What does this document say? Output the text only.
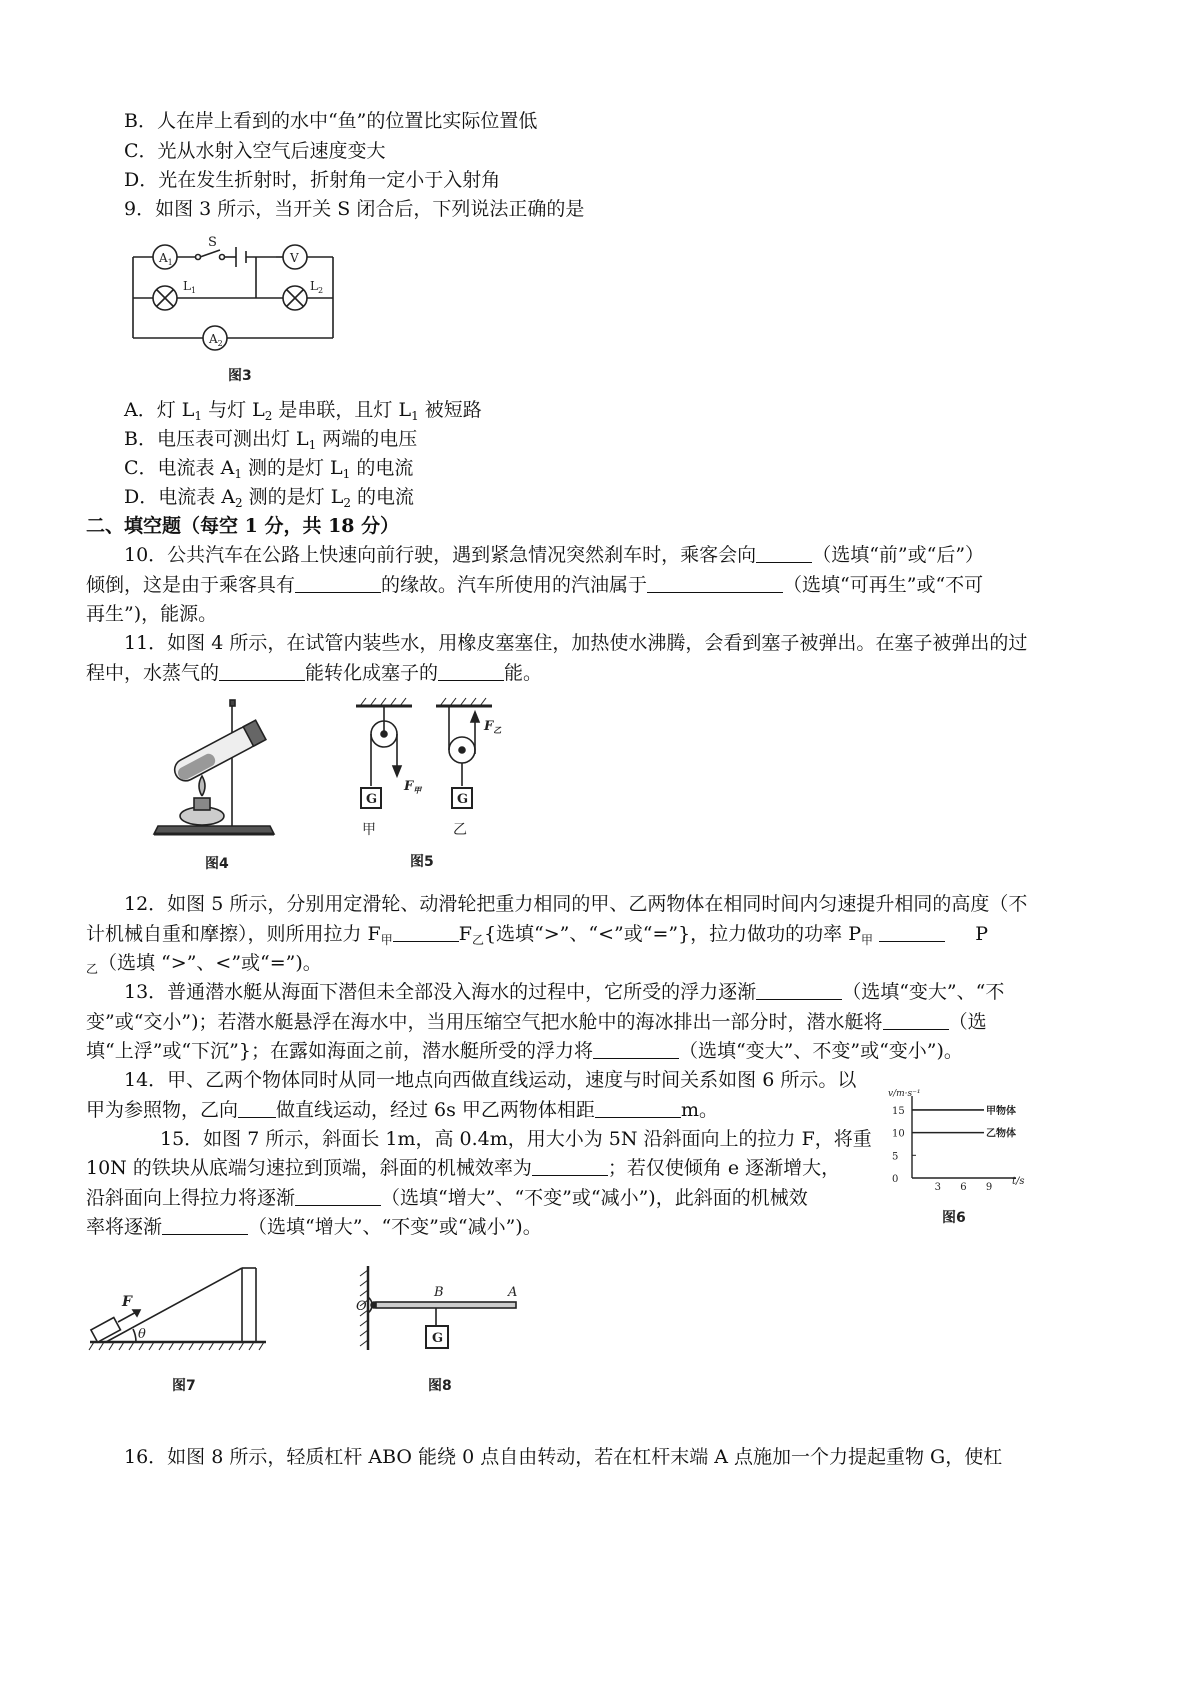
B．人在岸上看到的水中“鱼”的位置比实际位置低
C．光从水射入空气后速度变大
D．光在发生折射时，折射角一定小于入射角
9．如图 3 所示，当开关 S 闭合后，下列说法正确的是
$A_1$
S
V
$L_1$	$L_2$
$A_2$
图3
A．灯 $L_1$ 与灯 $L_2$ 是串联，且灯 $L_1$ 被短路
B．电压表可测出灯 $L_1$ 两端的电压
C．电流表 $A_1$ 测的是灯 $L_1$ 的电流
D．电流表 $A_2$ 测的是灯 $L_2$ 的电流
二、填空题（每空 1 分，共 18 分）
10．公共汽车在公路上快速向前行驶，遇到紧急情况突然刹车时，乘客会向	（选填“前”或“后”）
倾倒，这是由于乘客具有	的缘故。汽车所使用的汽油属于	（选填“可再生”或“不可
再生”)，能源。
11．如图 4 所示，在试管内装些水，用橡皮塞塞住，加热使水沸腾，会看到塞子被弹出。在塞子被弹出的过
程中，水蒸气的	能转化成塞子的	能。
图4
G	G
$F_甲$
$F_乙$
甲	乙
图5
12．如图 5 所示，分别用定滑轮、动滑轮把重力相同的甲、乙两物体在相同时间内匀速提升相同的高度（不
计机械自重和摩擦），则所用拉力 $F_甲$	$F_乙${选填“>”、“<”或“=”}，拉力做功的功率 $P_甲$	P
$_乙$（选填 “>”、<”或“=”)。
13．普通潜水艇从海面下潜但未全部没入海水的过程中，它所受的浮力逐渐	（选填“变大”、“不
变”或“交小”)；若潜水艇悬浮在海水中，当用压缩空气把水舱中的海冰排出一部分时，潜水艇将	（选
填“上浮”或“下沉”}；在露如海面之前，潜水艇所受的浮力将	（选填“变大”、不变”或“变小”)。
14．甲、乙两个物体同时从同一地点向西做直线运动，速度与时间关系如图 6 所示。以
甲为参照物，乙向 做直线运动，经过 6s 甲乙两物体相距	m。	15
10
5
0
3 6 9
甲物体
乙物体
v/m·s⁻¹
t/s
图6
15．如图 7 所示，斜面长 1m，高 0.4m，用大小为 5N 沿斜面向上的拉力 F，将重
10N 的铁块从底端匀速拉到顶端，斜面的机械效率为	；若仅使倾角 e 逐渐增大，
沿斜面向上得拉力将逐渐	（选填“增大”、“不变”或“减小”)，此斜面的机械效
率将逐渐	（选填“增大”、“不变”或“减小”)。
F
θ
图7
O
B	A
G
图8
16．如图 8 所示，轻质杠杆 ABO 能绕 0 点自由转动，若在杠杆末端 A 点施加一个力提起重物 G，使杠
